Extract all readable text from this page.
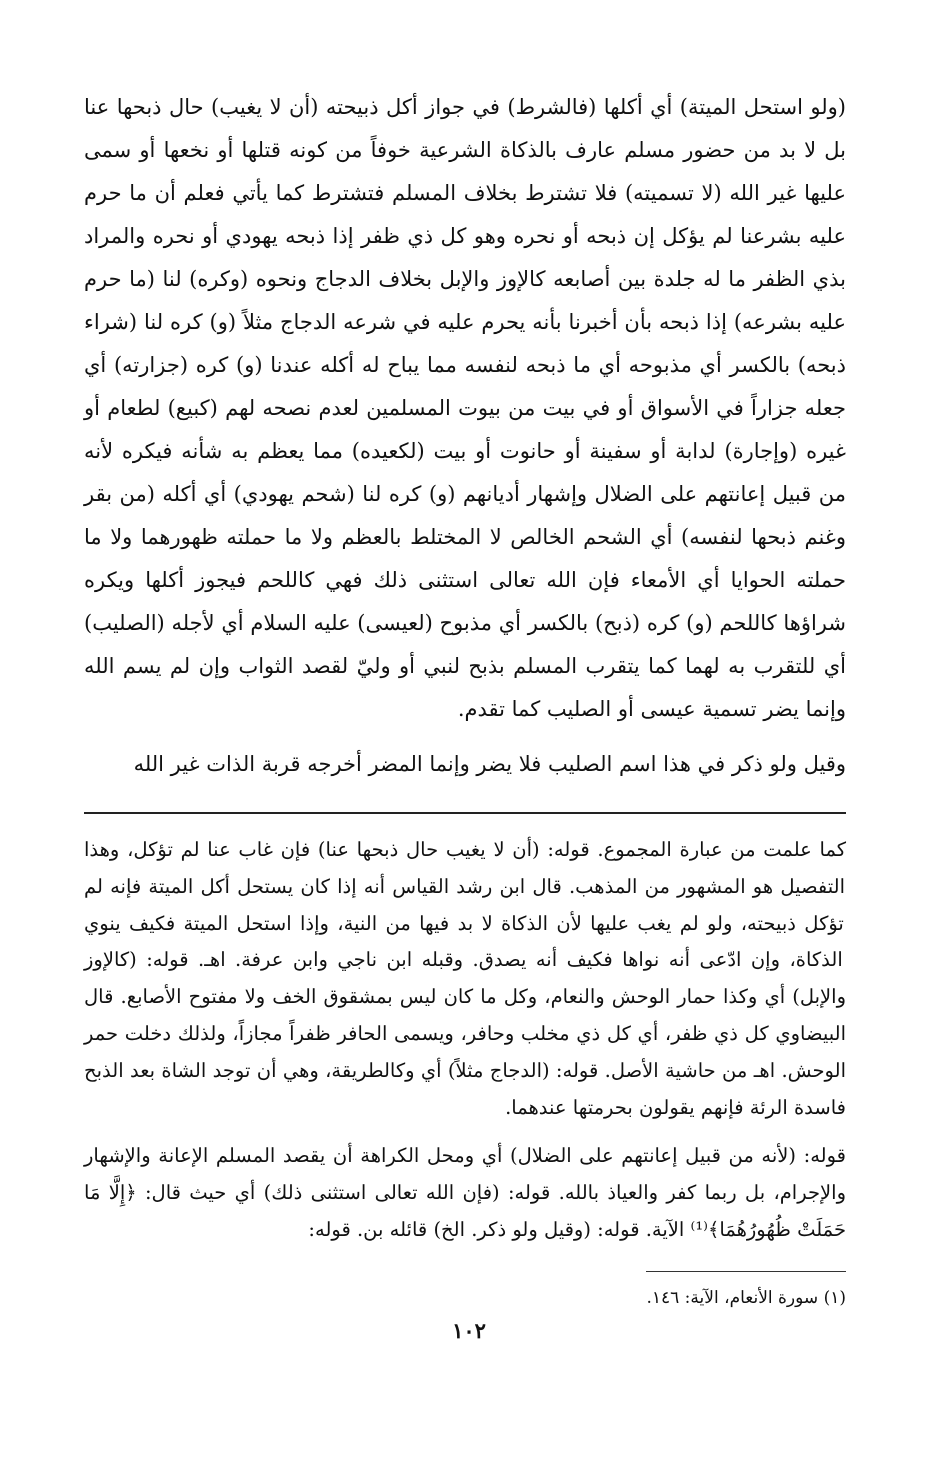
(ولو استحل الميتة) أي أكلها (فالشرط) في جواز أكل ذبيحته (أن لا يغيب) حال ذبحها عنا بل لا بد من حضور مسلم عارف بالذكاة الشرعية خوفاً من كونه قتلها أو نخعها أو سمى عليها غير الله (لا تسميته) فلا تشترط بخلاف المسلم فتشترط كما يأتي فعلم أن ما حرم عليه بشرعنا لم يؤكل إن ذبحه أو نحره وهو كل ذي ظفر إذا ذبحه يهودي أو نحره والمراد بذي الظفر ما له جلدة بين أصابعه كالإوز والإبل بخلاف الدجاج ونحوه (وكره) لنا (ما حرم عليه بشرعه) إذا ذبحه بأن أخبرنا بأنه يحرم عليه في شرعه الدجاج مثلاً (و) كره لنا (شراء ذبحه) بالكسر أي مذبوحه أي ما ذبحه لنفسه مما يباح له أكله عندنا (و) كره (جزارته) أي جعله جزاراً في الأسواق أو في بيت من بيوت المسلمين لعدم نصحه لهم (كبيع) لطعام أو غيره (وإجارة) لدابة أو سفينة أو حانوت أو بيت (لكعيده) مما يعظم به شأنه فيكره لأنه من قبيل إعانتهم على الضلال وإشهار أديانهم (و) كره لنا (شحم يهودي) أي أكله (من بقر وغنم ذبحها لنفسه) أي الشحم الخالص لا المختلط بالعظم ولا ما حملته ظهورهما ولا ما حملته الحوايا أي الأمعاء فإن الله تعالى استثنى ذلك فهي كاللحم فيجوز أكلها ويكره شراؤها كاللحم (و) كره (ذبح) بالكسر أي مذبوح (لعيسى) عليه السلام أي لأجله (الصليب) أي للتقرب به لهما كما يتقرب المسلم بذبح لنبي أو وليّ لقصد الثواب وإن لم يسم الله وإنما يضر تسمية عيسى أو الصليب كما تقدم.

وقيل ولو ذكر في هذا اسم الصليب فلا يضر وإنما المضر أخرجه قربة الذات غير الله

كما علمت من عبارة المجموع. قوله: (أن لا يغيب حال ذبحها عنا) فإن غاب عنا لم تؤكل، وهذا التفصيل هو المشهور من المذهب. قال ابن رشد القياس أنه إذا كان يستحل أكل الميتة فإنه لم تؤكل ذبيحته، ولو لم يغب عليها لأن الذكاة لا بد فيها من النية، وإذا استحل الميتة فكيف ينوي الذكاة، وإن ادّعى أنه نواها فكيف أنه يصدق. وقبله ابن ناجي وابن عرفة. اهـ. قوله: (كالإوز والإبل) أي وكذا حمار الوحش والنعام، وكل ما كان ليس بمشقوق الخف ولا مفتوح الأصابع. قال البيضاوي كل ذي ظفر، أي كل ذي مخلب وحافر، ويسمى الحافر ظفراً مجازاً، ولذلك دخلت حمر الوحش. اهـ من حاشية الأصل. قوله: (الدجاج مثلاً) أي وكالطريقة، وهي أن توجد الشاة بعد الذبح فاسدة الرئة فإنهم يقولون بحرمتها عندهما.

قوله: (لأنه من قبيل إعانتهم على الضلال) أي ومحل الكراهة أن يقصد المسلم الإعانة والإشهار والإجرام، بل ربما كفر والعياذ بالله. قوله: (فإن الله تعالى استثنى ذلك) أي حيث قال: ﴿إِلَّا مَا حَمَلَتْ ظُهُورُهُمَا﴾⁽¹⁾ الآية. قوله: (وقيل ولو ذكر. الخ) قائله بن. قوله:

(١) سورة الأنعام، الآية: ١٤٦.

١٠٢
